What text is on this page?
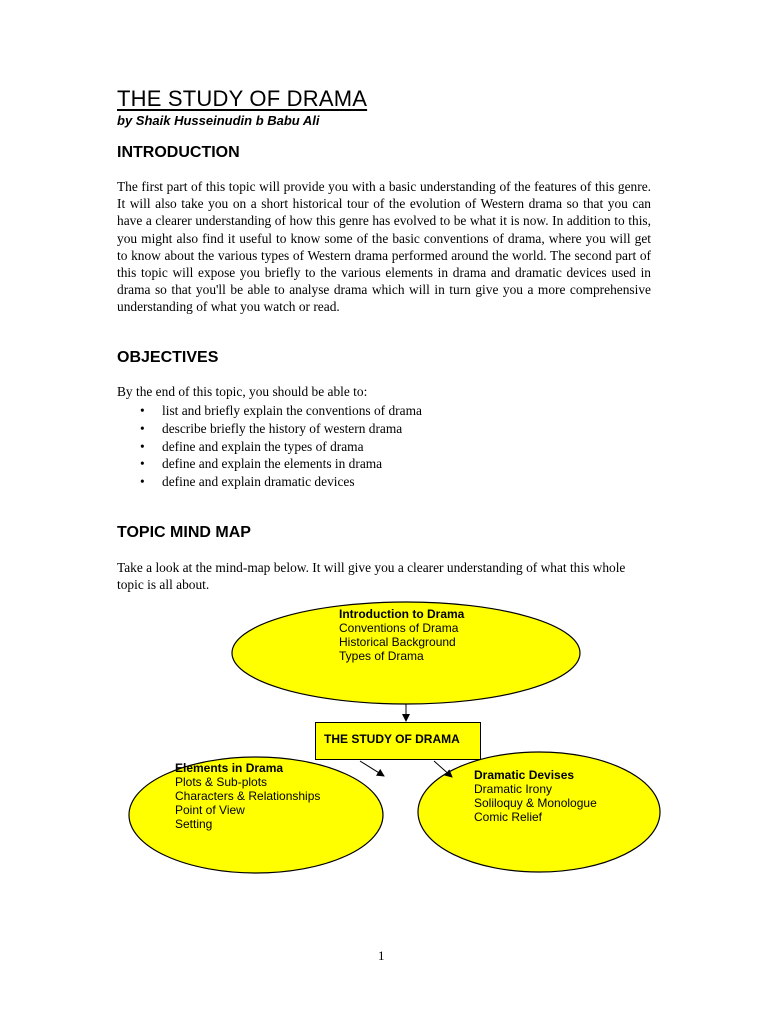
THE STUDY OF DRAMA
by Shaik Husseinudin b Babu Ali
INTRODUCTION

The first part of this topic will provide you with a basic understanding of the features of this genre. It will also take you on a short historical tour of the evolution of Western drama so that you can have a clearer understanding of how this genre has evolved to be what it is now. In addition to this, you might also find it useful to know some of the basic conventions of drama, where you will get to know about the various types of Western drama performed around the world. The second part of this topic will expose you briefly to the various elements in drama and dramatic devices used in drama so that you'll be able to analyse drama which will in turn give you a more comprehensive understanding of what you watch or read.

OBJECTIVES

By the end of this topic, you should be able to:

• list and briefly explain the conventions of drama
• describe briefly the history of western drama
• define and explain the types of drama
• define and explain the elements in drama
• define and explain dramatic devices
TOPIC MIND MAP

Take a look at the mind-map below. It will give you a clearer understanding of what this whole topic is all about.

THE STUDY OF DRAMA
Introduction to Drama
Conventions of Drama
Historical Background
Types of Drama
Elements in Drama
Plots & Sub-plots
Characters & Relationships
Point of View
Setting
Dramatic Devises
Dramatic Irony
Soliloquy & Monologue
Comic Relief
1
